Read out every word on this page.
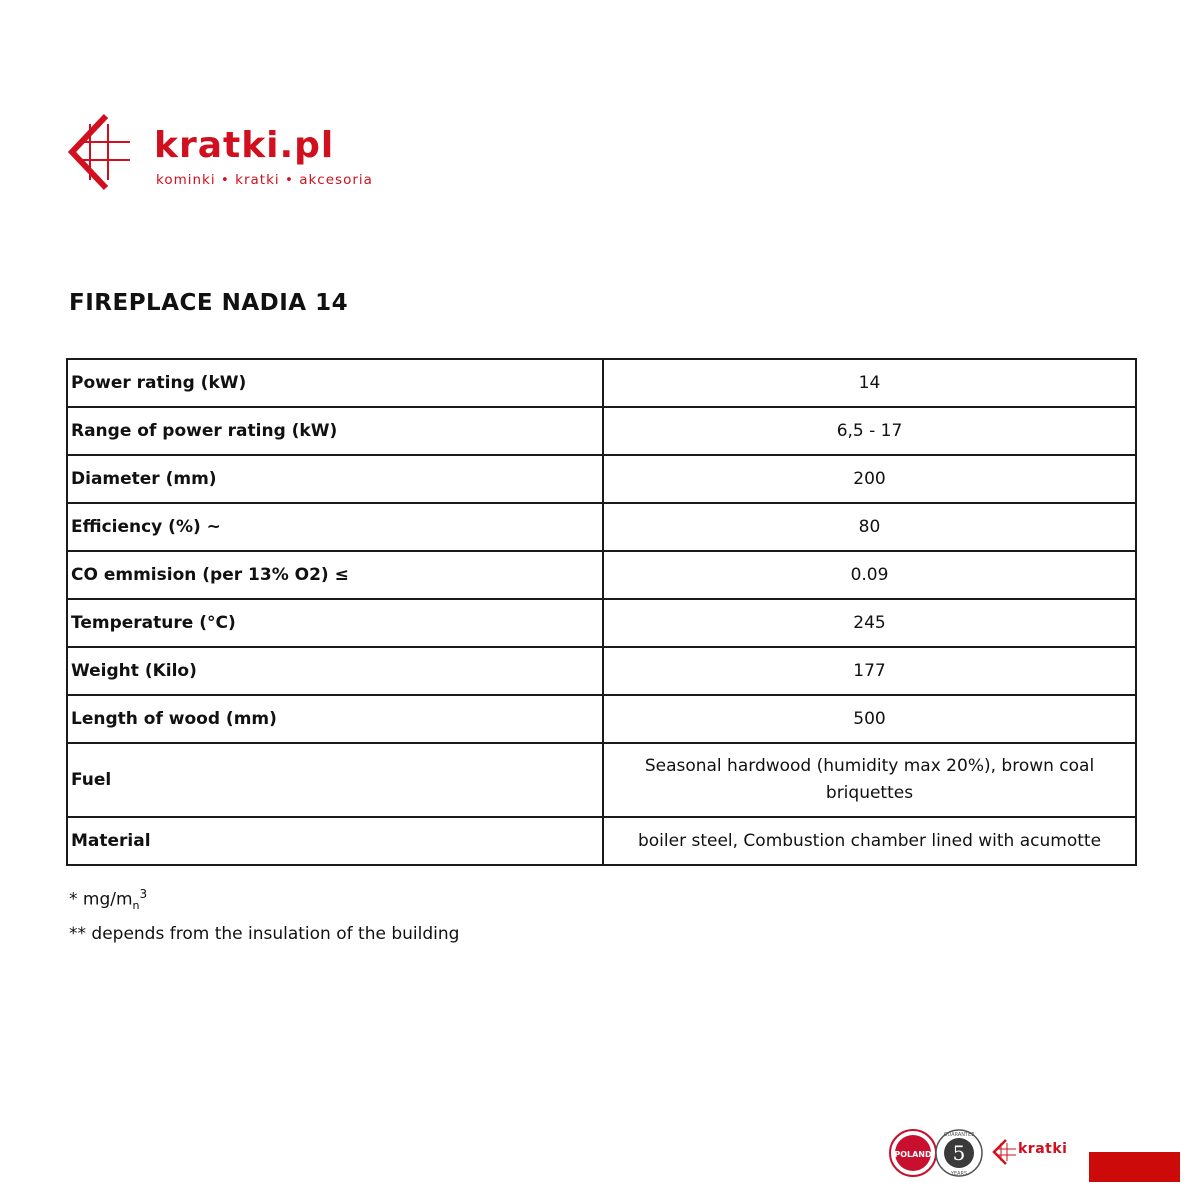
kratki.pl
kominki • kratki • akcesoria
FIREPLACE NADIA 14
Power rating (kW)	14
Range of power rating (kW)	6,5 - 17
Diameter (mm)	200
Efficiency (%) ~	80
CO emmision (per 13% O2) ≤	0.09
Temperature (°C)	245
Weight (Kilo)	177
Length of wood (mm)	500
Fuel	Seasonal hardwood (humidity max 20%), brown coal briquettes
Material	boiler steel, Combustion chamber lined with acumotte
* $mg/m_n^3$
** depends from the insulation of the building
POLAND 5
GUARANTEE
YEARS
kratki
